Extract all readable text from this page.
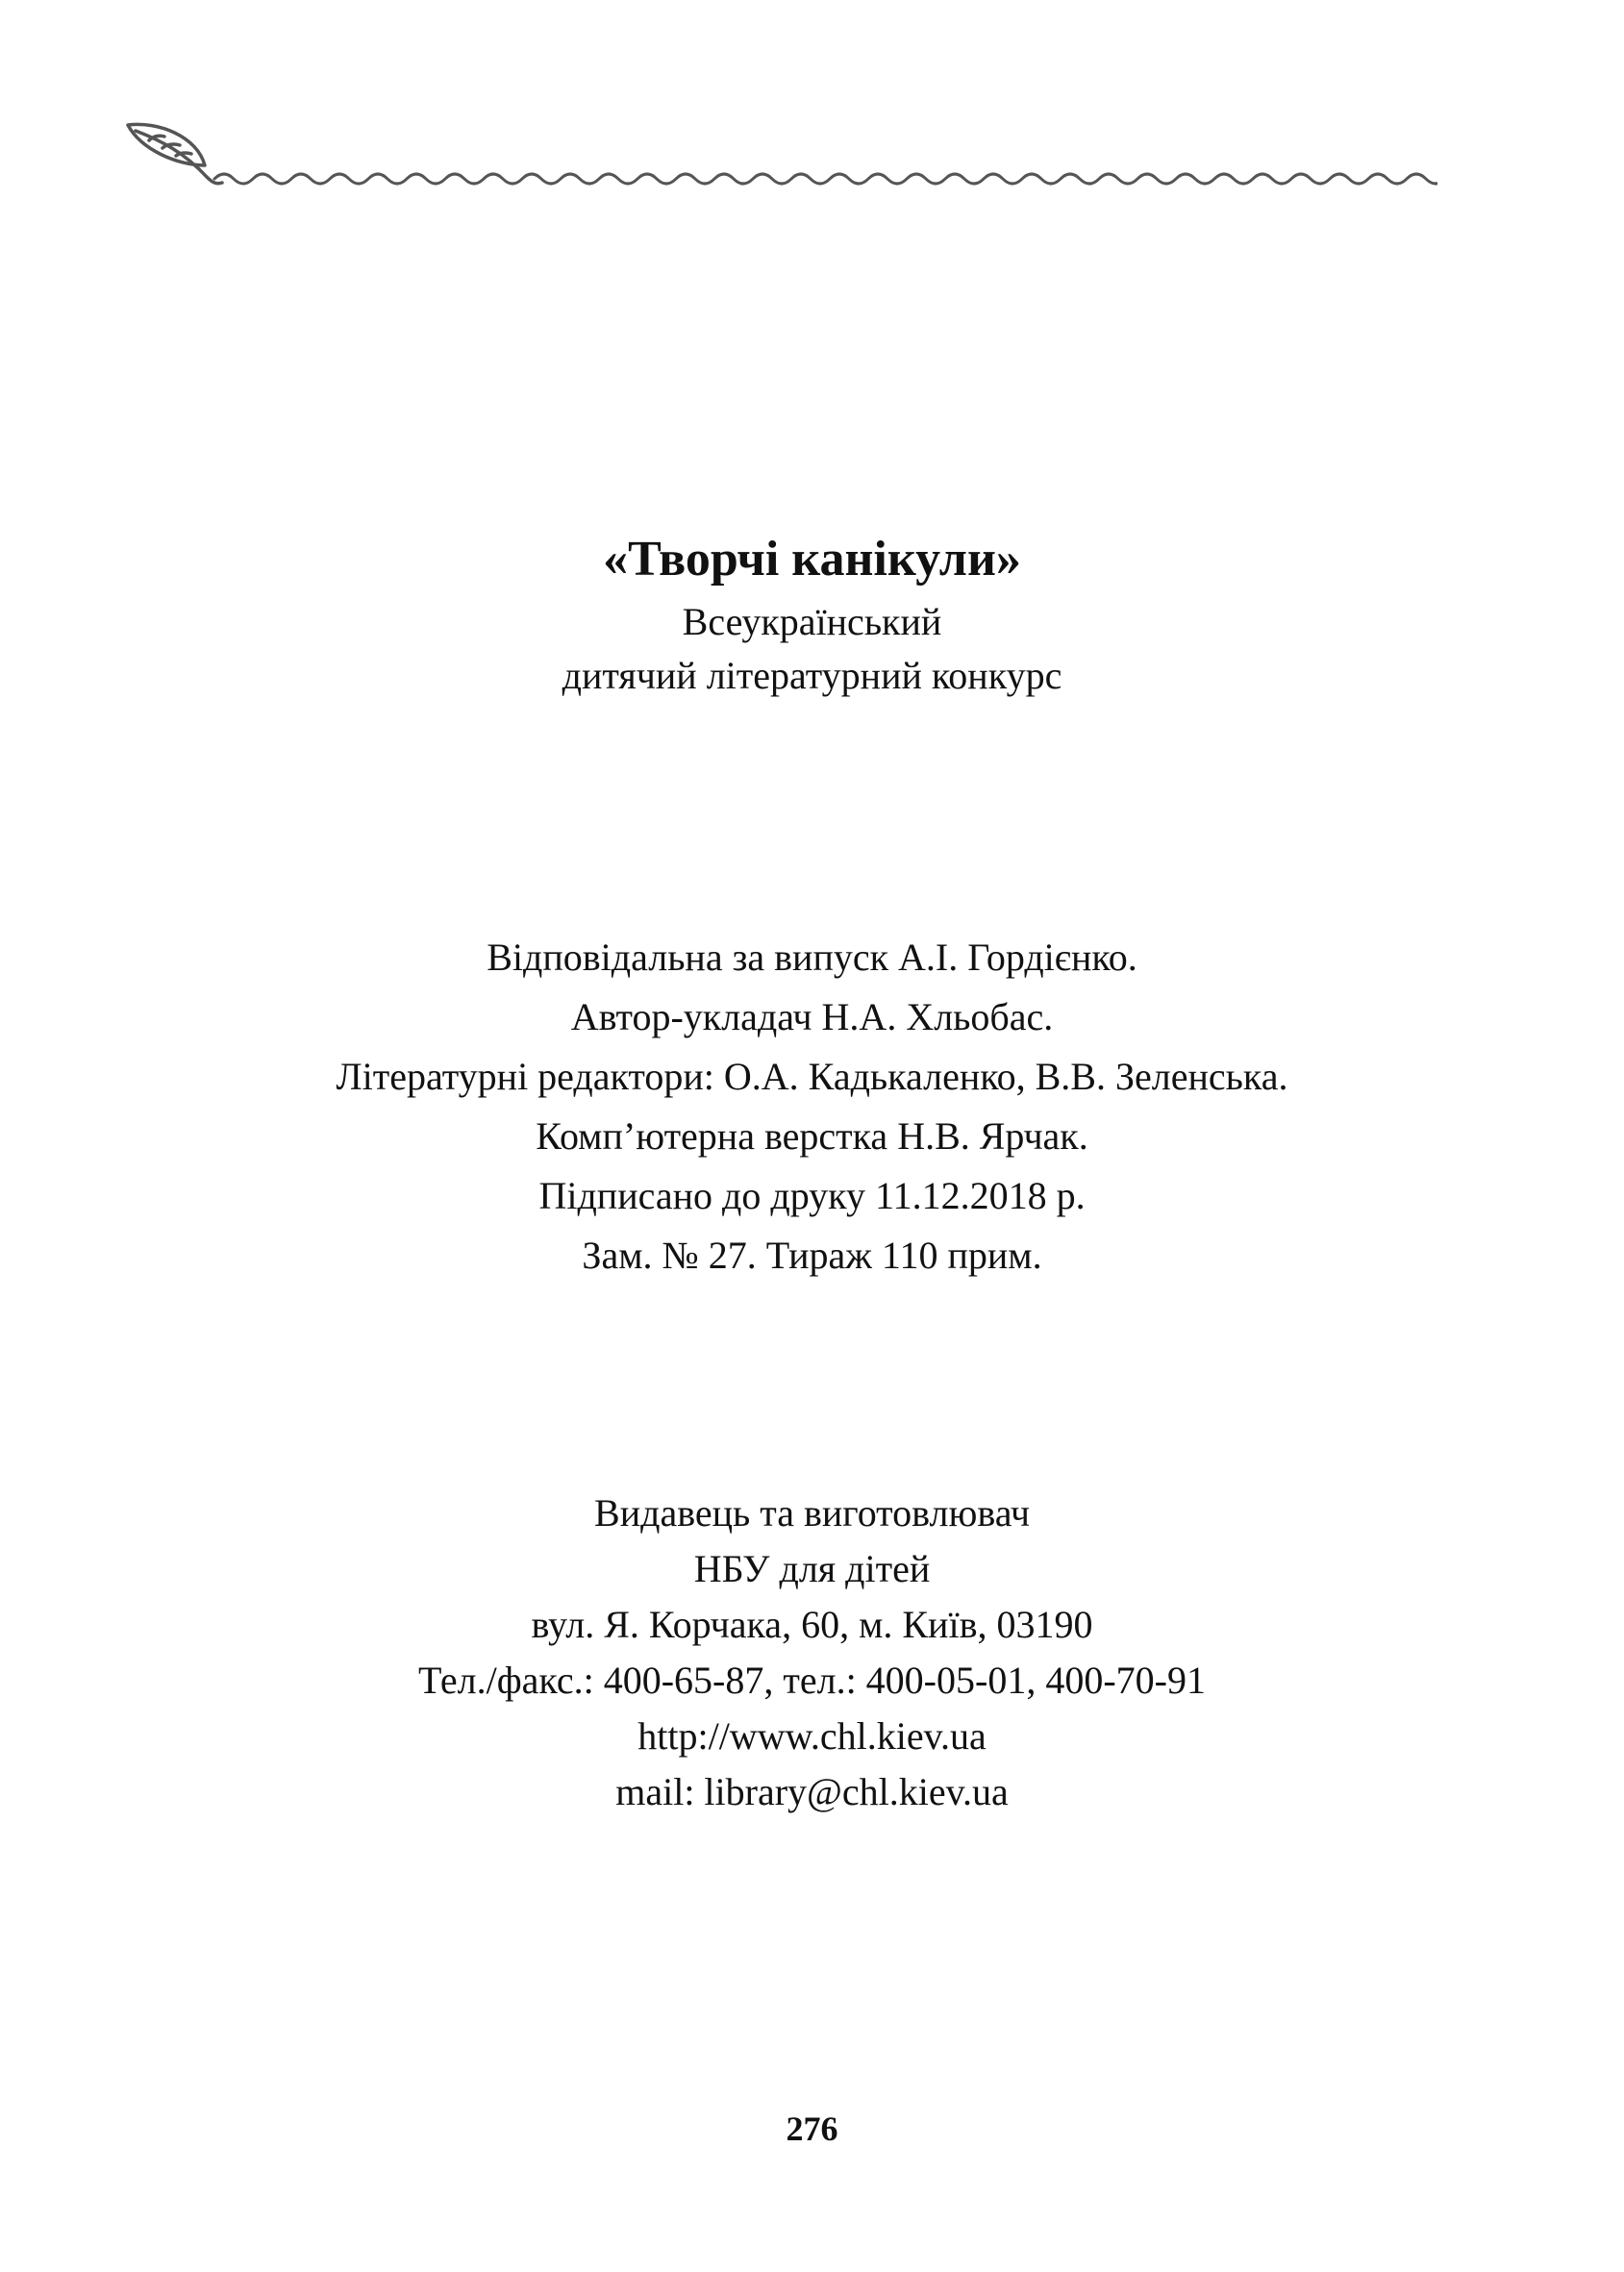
«Творчі канікули»

Всеукраїнський

дитячий літературний конкурс

Відповідальна за випуск А.І. Гордієнко.

Автор-укладач Н.А. Хльобас.

Літературні редактори: О.А. Кадькаленко, В.В. Зеленська.

Комп’ютерна верстка Н.В. Ярчак.

Підписано до друку 11.12.2018 р.

Зам. № 27. Тираж 110 прим.

Видавець та виготовлювач

НБУ для дітей

вул. Я. Корчака, 60, м. Київ, 03190

Тел./факс.: 400-65-87, тел.: 400-05-01, 400-70-91

http://www.chl.kiev.ua

mail: library@chl.kiev.ua

276
